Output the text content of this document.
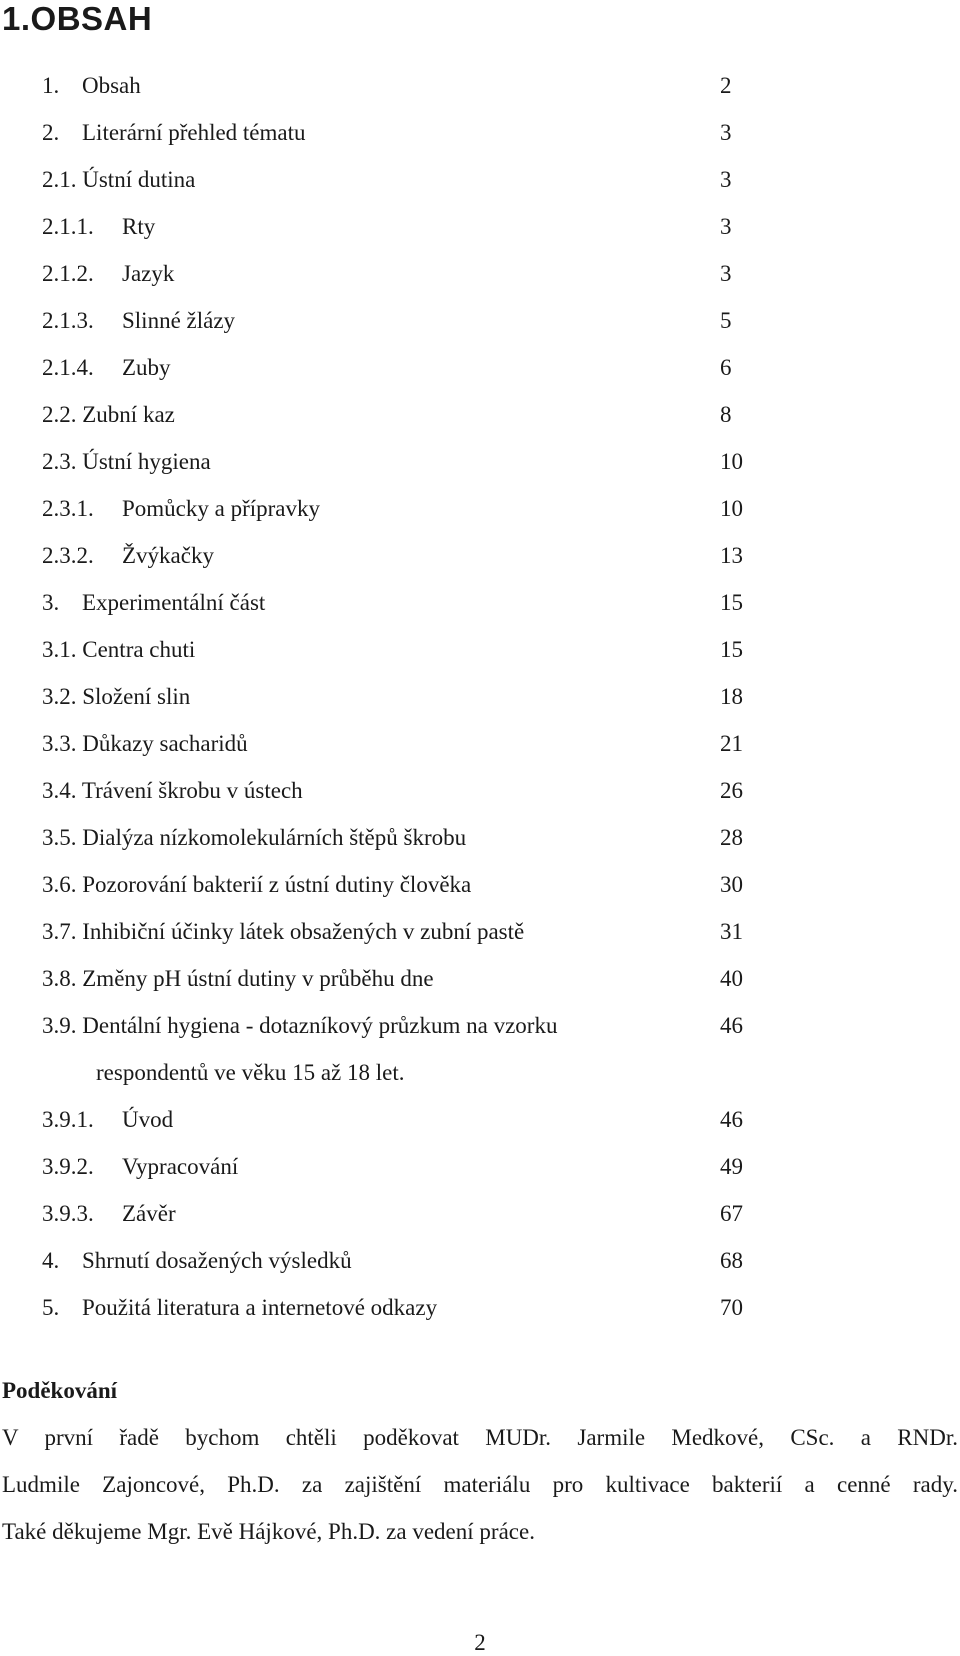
1.OBSAH
1. Obsah	2
2. Literární přehled tématu	3
2.1. Ústní dutina	3
2.1.1. Rty	3
2.1.2. Jazyk	3
2.1.3. Slinné žlázy	5
2.1.4. Zuby	6
2.2. Zubní kaz	8
2.3. Ústní hygiena	10
2.3.1. Pomůcky a přípravky	10
2.3.2. Žvýkačky	13
3. Experimentální část	15
3.1. Centra chuti	15
3.2. Složení slin	18
3.3. Důkazy sacharidů	21
3.4. Trávení škrobu v ústech	26
3.5. Dialýza nízkomolekulárních štěpů škrobu	28
3.6. Pozorování bakterií z ústní dutiny člověka	30
3.7. Inhibiční účinky látek obsažených v zubní pastě	31
3.8. Změny pH ústní dutiny v průběhu dne	40
3.9. Dentální hygiena - dotazníkový průzkum na vzorku	46
respondentů ve věku 15 až 18 let.
3.9.1. Úvod	46
3.9.2. Vypracování	49
3.9.3. Závěr	67
4. Shrnutí dosažených výsledků	68
5. Použitá literatura a internetové odkazy	70
Poděkování
V první řadě bychom chtěli poděkovat MUDr. Jarmile Medkové, CSc. a RNDr.
Ludmile Zajoncové, Ph.D. za zajištění materiálu pro kultivace bakterií a cenné rady.
Také děkujeme Mgr. Evě Hájkové, Ph.D. za vedení práce.
2
